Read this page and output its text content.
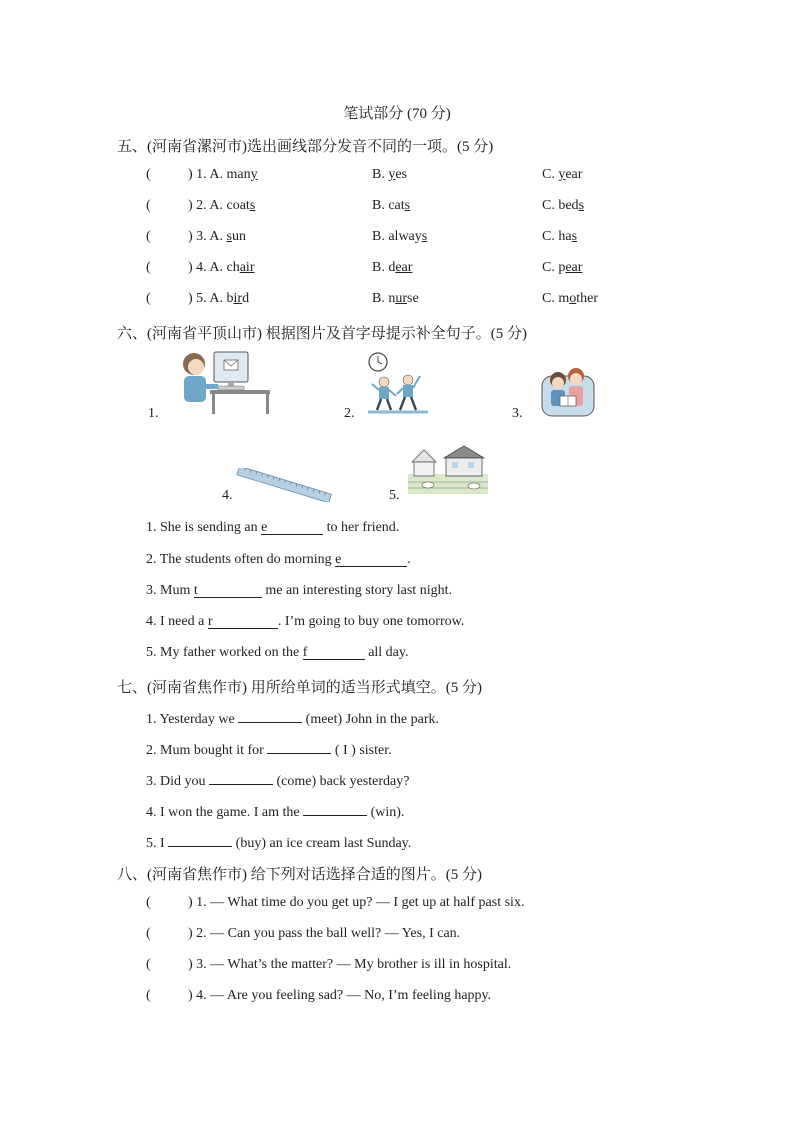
笔试部分 (70 分)
五、(河南省漯河市)选出画线部分发音不同的一项。(5 分)
(	) 1. A. many	B. yes	C. year
(	) 2. A. coats	B. cats	C. beds
(	) 3. A. sun	B. always	C. has
(	) 4. A. chair	B. dear	C. pear
(	) 5. A. bird	B. nurse	C. mother
六、(河南省平顶山市) 根据图片及首字母提示补全句子。(5 分)
1.	2.	3.
4.	5.
1. She is sending an e	to her friend.
2. The students often do morning e	.
3. Mum t	me an interesting story last night.
4. I need a r	. I’m going to buy one tomorrow.
5. My father worked on the f	all day.
七、(河南省焦作市) 用所给单词的适当形式填空。(5 分)
1. Yesterday we	(meet) John in the park.
2. Mum bought it for	( I ) sister.
3. Did you	(come) back yesterday?
4. I won the game. I am the	(win).
5. I	(buy) an ice cream last Sunday.
八、(河南省焦作市) 给下列对话选择合适的图片。(5 分)
(	) 1. — What time do you get up? — I get up at half past six.
(	) 2. — Can you pass the ball well? — Yes, I can.
(	) 3. — What’s the matter? — My brother is ill in hospital.
(	) 4. — Are you feeling sad? — No, I’m feeling happy.
